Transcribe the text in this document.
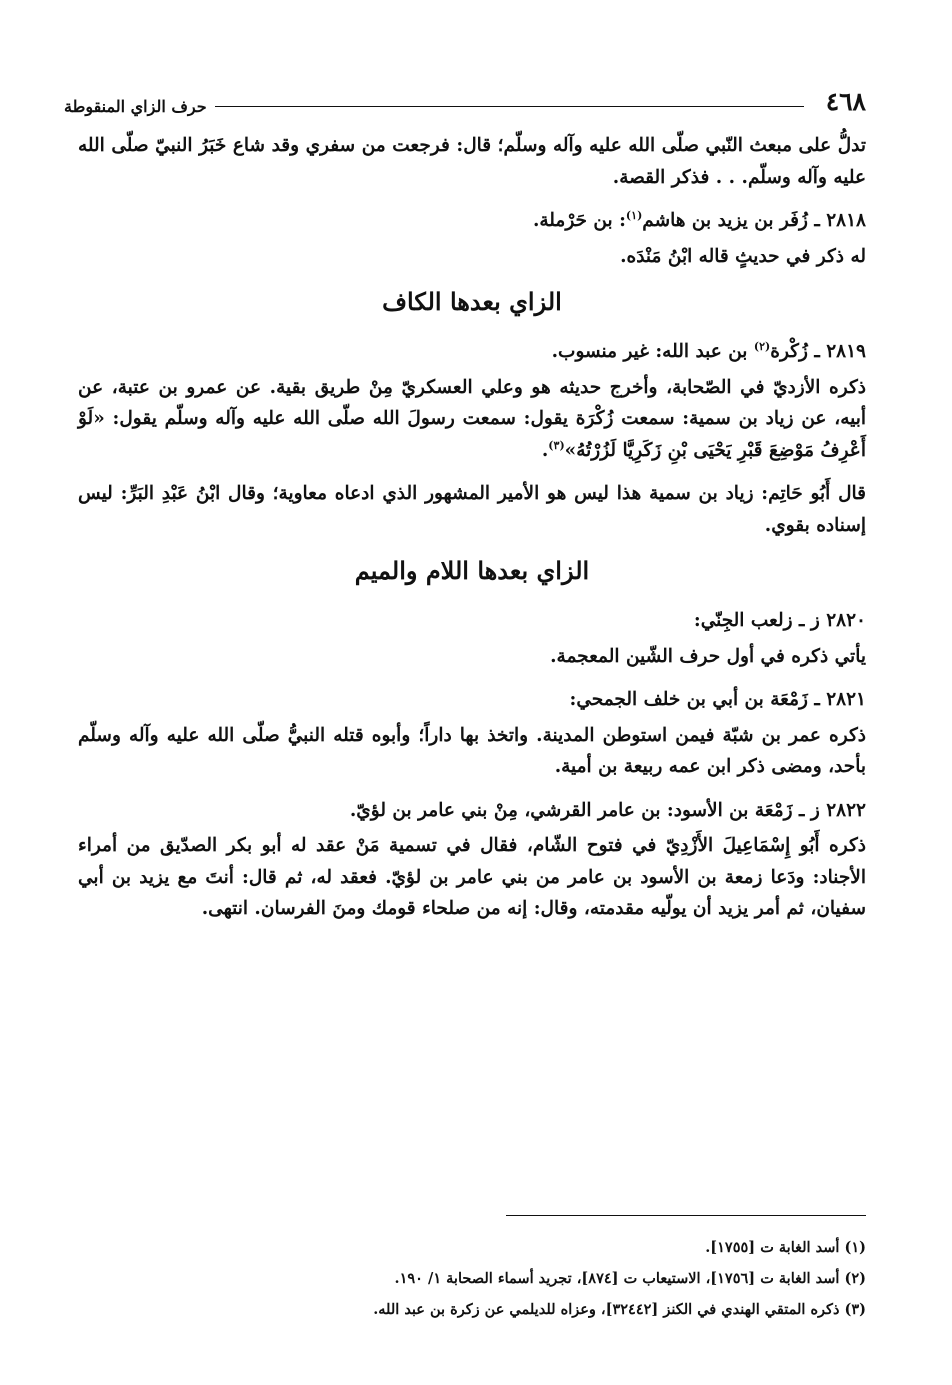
٤٦٨
حرف الزاي المنقوطة

تدلُّ على مبعث النّبي صلّى الله عليه وآله وسلّم؛ قال: فرجعت من سفري وقد شاع خَبَرُ النبيّ صلّى الله عليه وآله وسلّم. . . فذكر القصة.

٢٨١٨ ـ زُفَر بن يزيد بن هاشم$^{(١)}$: بن حَرْملة.

له ذكر في حديثٍ قاله ابْنُ مَنْدَه.

الزاي بعدها الكاف

٢٨١٩ ـ زُكْرة$^{(٢)}$ بن عبد الله: غير منسوب.

ذكره الأزديّ في الصّحابة، وأخرج حديثه هو وعلي العسكريّ مِنْ طريق بقية. عن عمرو بن عتبة، عن أبيه، عن زياد بن سمية: سمعت زُكْرَة يقول: سمعت رسولَ الله صلّى الله عليه وآله وسلّم يقول: «لَوْ أَعْرِفُ مَوْضِعَ قَبْرِ يَحْيَى بْنِ زَكَرِيَّا لَزُرْتُهُ»$^{(٣)}$.

قال أَبُو حَاتِم: زياد بن سمية هذا ليس هو الأمير المشهور الذي ادعاه معاوية؛ وقال ابْنُ عَبْدِ البَرِّ: ليس إسناده بقوي.

الزاي بعدها اللام والميم

٢٨٢٠ ز ـ زلعب الجِنّي:

يأتي ذكره في أول حرف الشّين المعجمة.

٢٨٢١ ـ زَمْعَة بن أبي بن خلف الجمحي:

ذكره عمر بن شبّة فيمن استوطن المدينة. واتخذ بها داراً؛ وأبوه قتله النبيُّ صلّى الله عليه وآله وسلّم بأحد، ومضى ذكر ابن عمه ربيعة بن أمية.

٢٨٢٢ ز ـ زَمْعَة بن الأسود: بن عامر القرشي، مِنْ بني عامر بن لؤيّ.

ذكره أَبُو إِسْمَاعِيلَ الأَزْدِيّ في فتوح الشّام، فقال في تسمية مَنْ عقد له أبو بكر الصدّيق من أمراء الأجناد: ودَعا زمعة بن الأسود بن عامر من بني عامر بن لؤيّ. فعقد له، ثم قال: أنتَ مع يزيد بن أبي سفيان، ثم أمر يزيد أن يولّيه مقدمته، وقال: إنه من صلحاء قومك ومنَ الفرسان. انتهى.

(١) أسد الغابة ت [١٧٥٥].
(٢) أسد الغابة ت [١٧٥٦]، الاستيعاب ت [٨٧٤]، تجريد أسماء الصحابة ١/ ١٩٠.
(٣) ذكره المتقي الهندي في الكنز [٣٢٤٤٢]، وعزاه للديلمي عن زكرة بن عبد الله.
